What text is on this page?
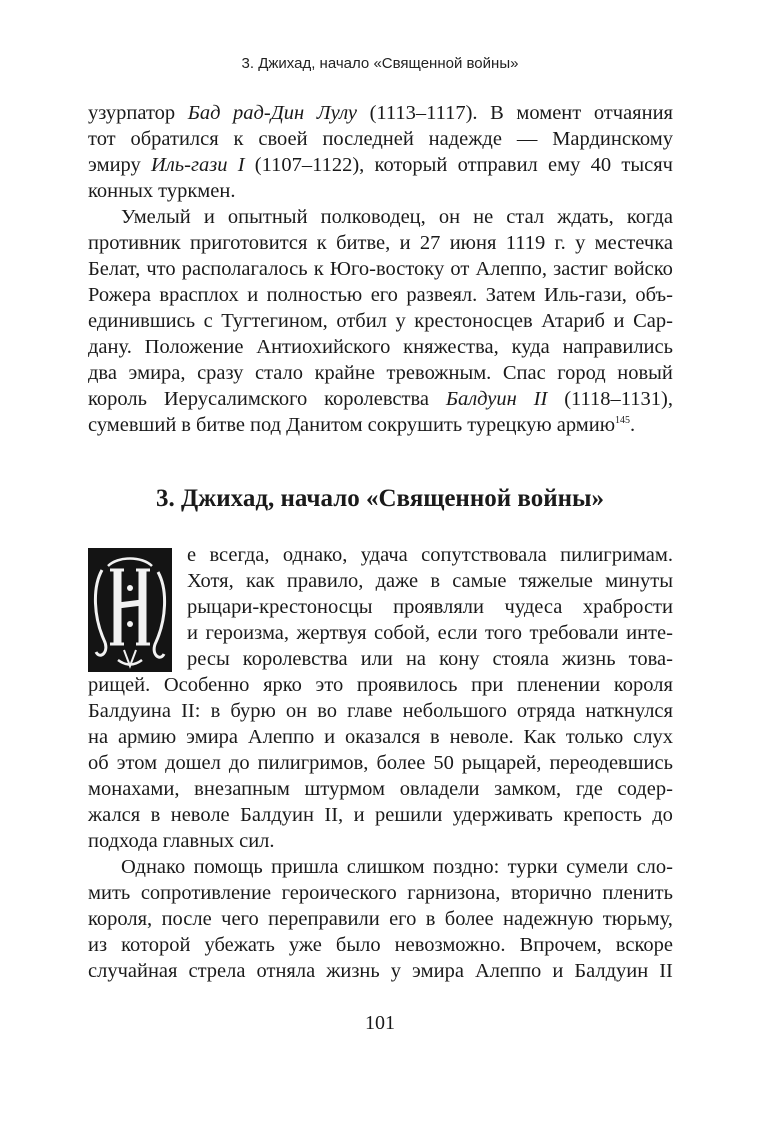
3. Джихад, начало «Священной войны»
узурпатор Бад рад-Дин Лулу (1113–1117). В момент отчаяния
тот обратился к своей последней надежде — Мардинскому
эмиру Иль-гази I (1107–1122), который отправил ему 40 тысяч
конных туркмен.
Умелый и опытный полководец, он не стал ждать, когда
противник приготовится к битве, и 27 июня 1119 г. у местечка
Белат, что располагалось к Юго-востоку от Алеппо, застиг войско
Рожера врасплох и полностью его развеял. Затем Иль-гази, объ-
единившись с Тугтегином, отбил у крестоносцев Атариб и Сар-
дану. Положение Антиохийского княжества, куда направились
два эмира, сразу стало крайне тревожным. Спас город новый
король Иерусалимского королевства Балдуин II (1118–1131),
сумевший в битве под Данитом сокрушить турецкую армию$^{145}$.
3. Джихад, начало «Священной войны»
е всегда, однако, удача сопутствовала пилигримам.
Хотя, как правило, даже в самые тяжелые минуты
рыцари-крестоносцы проявляли чудеса храбрости
и героизма, жертвуя собой, если того требовали инте-
ресы королевства или на кону стояла жизнь това-
рищей. Особенно ярко это проявилось при пленении короля
Балдуина II: в бурю он во главе небольшого отряда наткнулся
на армию эмира Алеппо и оказался в неволе. Как только слух
об этом дошел до пилигримов, более 50 рыцарей, переодевшись
монахами, внезапным штурмом овладели замком, где содер-
жался в неволе Балдуин II, и решили удерживать крепость до
подхода главных сил.
Однако помощь пришла слишком поздно: турки сумели сло-
мить сопротивление героического гарнизона, вторично пленить
короля, после чего переправили его в более надежную тюрьму,
из которой убежать уже было невозможно. Впрочем, вскоре
случайная стрела отняла жизнь у эмира Алеппо и Балдуин II
101
